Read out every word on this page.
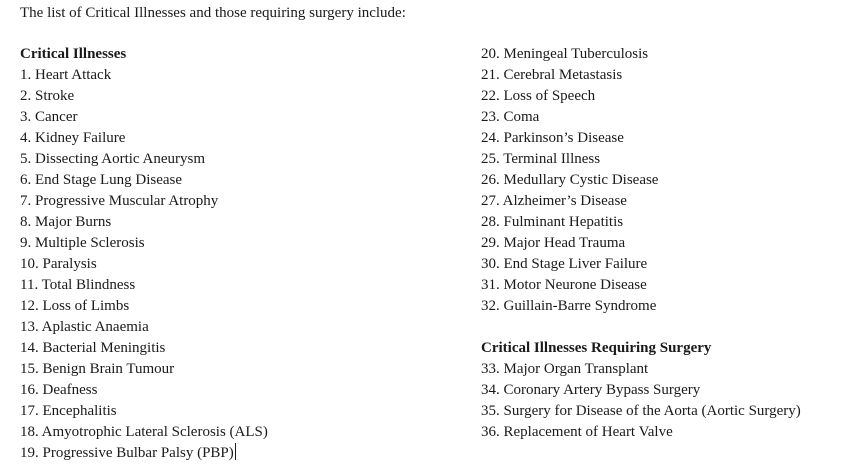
The list of Critical Illnesses and those requiring surgery include:
Critical Illnesses
1. Heart Attack
2. Stroke
3. Cancer
4. Kidney Failure
5. Dissecting Aortic Aneurysm
6. End Stage Lung Disease
7. Progressive Muscular Atrophy
8. Major Burns
9. Multiple Sclerosis
10. Paralysis
11. Total Blindness
12. Loss of Limbs
13. Aplastic Anaemia
14. Bacterial Meningitis
15. Benign Brain Tumour
16. Deafness
17. Encephalitis
18. Amyotrophic Lateral Sclerosis (ALS)
19. Progressive Bulbar Palsy (PBP)
20. Meningeal Tuberculosis
21. Cerebral Metastasis
22. Loss of Speech
23. Coma
24. Parkinson’s Disease
25. Terminal Illness
26. Medullary Cystic Disease
27. Alzheimer’s Disease
28. Fulminant Hepatitis
29. Major Head Trauma
30. End Stage Liver Failure
31. Motor Neurone Disease
32. Guillain-Barre Syndrome
Critical Illnesses Requiring Surgery
33. Major Organ Transplant
34. Coronary Artery Bypass Surgery
35. Surgery for Disease of the Aorta (Aortic Surgery)
36. Replacement of Heart Valve
